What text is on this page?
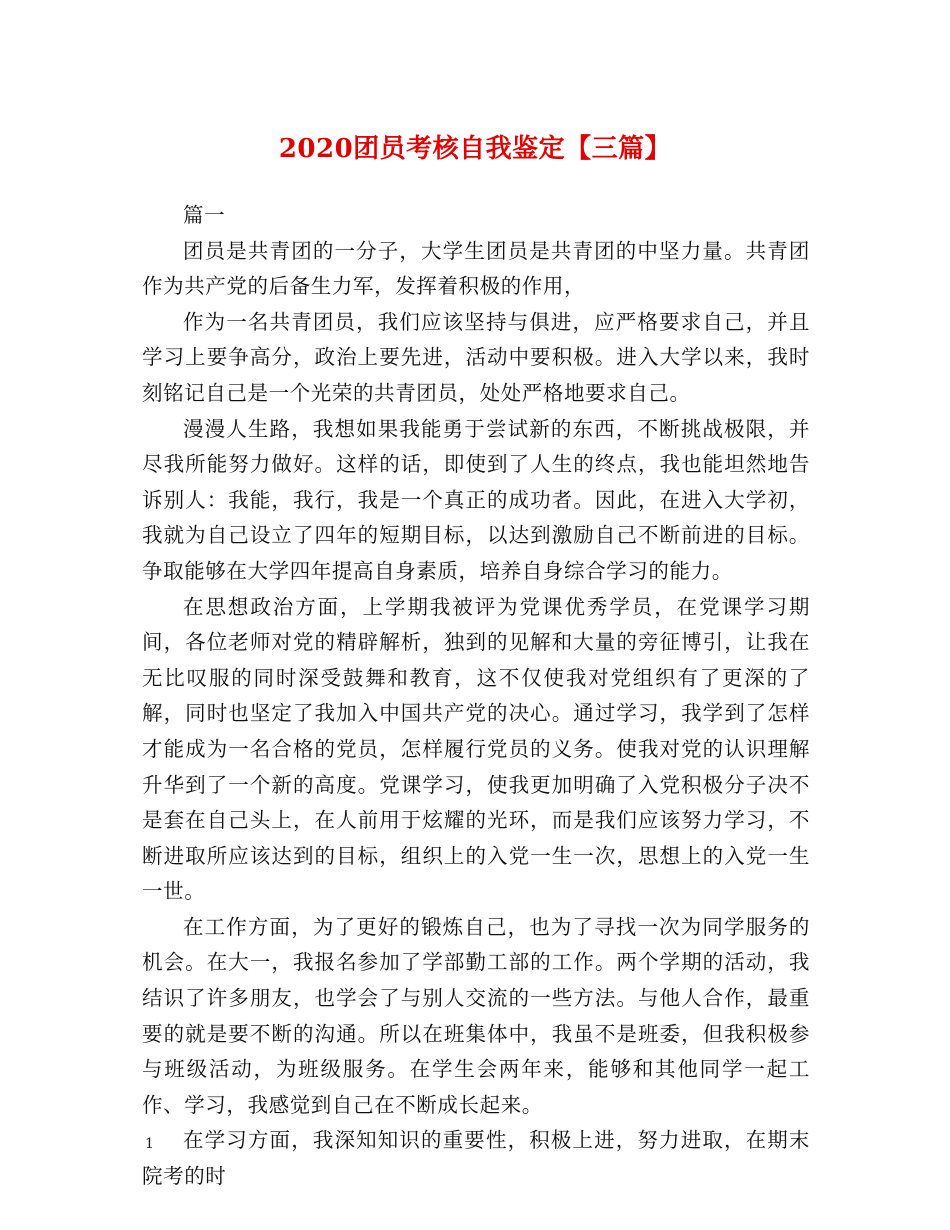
2020团员考核自我鉴定【三篇】

篇一

团员是共青团的一分子，大学生团员是共青团的中坚力量。共青团作为共产党的后备生力军，发挥着积极的作用，

作为一名共青团员，我们应该坚持与俱进，应严格要求自己，并且学习上要争高分，政治上要先进，活动中要积极。进入大学以来，我时刻铭记自己是一个光荣的共青团员，处处严格地要求自己。

漫漫人生路，我想如果我能勇于尝试新的东西，不断挑战极限，并尽我所能努力做好。这样的话，即使到了人生的终点，我也能坦然地告诉别人：我能，我行，我是一个真正的成功者。因此，在进入大学初，我就为自己设立了四年的短期目标，以达到激励自己不断前进的目标。争取能够在大学四年提高自身素质，培养自身综合学习的能力。

在思想政治方面，上学期我被评为党课优秀学员，在党课学习期间，各位老师对党的精辟解析，独到的见解和大量的旁征博引，让我在无比叹服的同时深受鼓舞和教育，这不仅使我对党组织有了更深的了解，同时也坚定了我加入中国共产党的决心。通过学习，我学到了怎样才能成为一名合格的党员，怎样履行党员的义务。使我对党的认识理解升华到了一个新的高度。党课学习，使我更加明确了入党积极分子决不是套在自己头上，在人前用于炫耀的光环，而是我们应该努力学习，不断进取所应该达到的目标，组织上的入党一生一次，思想上的入党一生一世。

在工作方面，为了更好的锻炼自己，也为了寻找一次为同学服务的机会。在大一，我报名参加了学部勤工部的工作。两个学期的活动，我结识了许多朋友，也学会了与别人交流的一些方法。与他人合作，最重要的就是要不断的沟通。所以在班集体中，我虽不是班委，但我积极参与班级活动，为班级服务。在学生会两年来，能够和其他同学一起工作、学习，我感觉到自己在不断成长起来。

在学习方面，我深知知识的重要性，积极上进，努力进取，在期末院考的时

1
